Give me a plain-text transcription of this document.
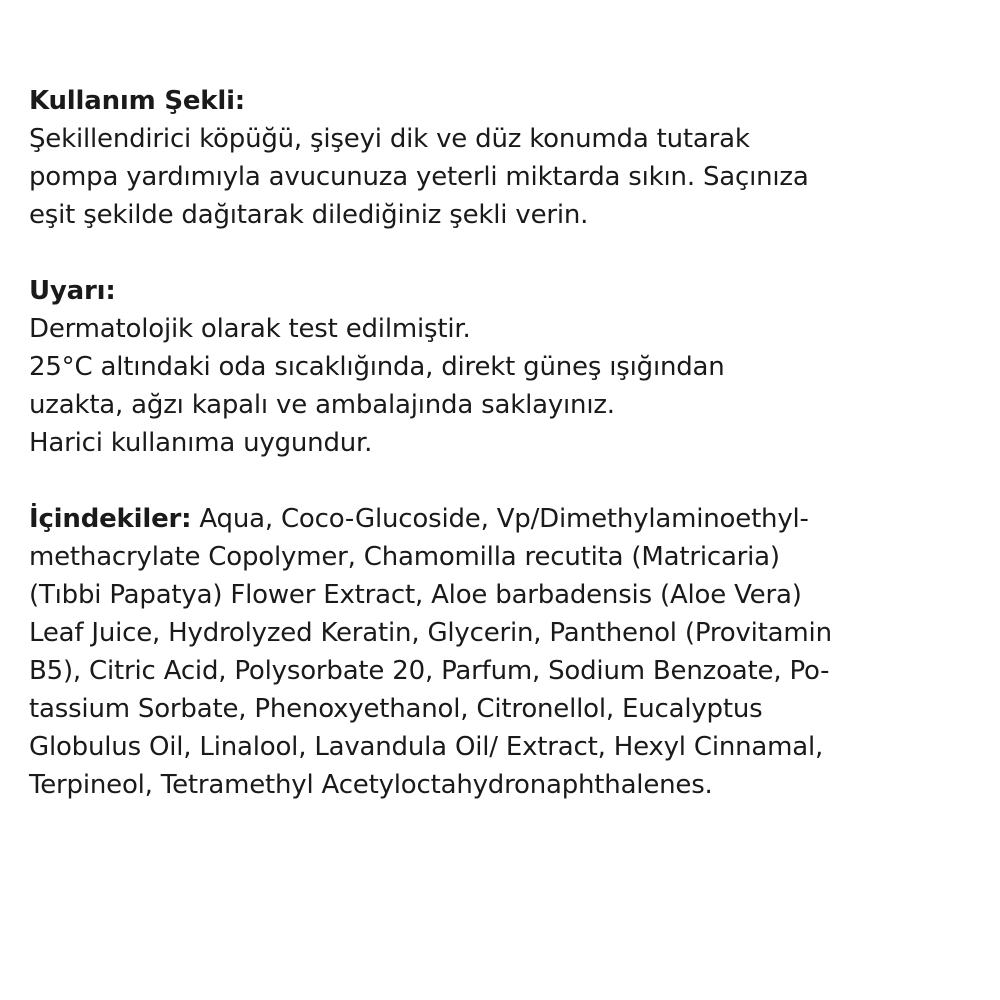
Kullanım Şekli:
Şekillendirici köpüğü, şişeyi dik ve düz konumda tutarak
pompa yardımıyla avucunuza yeterli miktarda sıkın. Saçınıza
eşit şekilde dağıtarak dilediğiniz şekli verin.
Uyarı:
Dermatolojik olarak test edilmiştir.
25°C altındaki oda sıcaklığında, direkt güneş ışığından
uzakta, ağzı kapalı ve ambalajında saklayınız.
Harici kullanıma uygundur.
İçindekiler: Aqua, Coco-Glucoside, Vp/Dimethylaminoethyl-
methacrylate Copolymer, Chamomilla recutita (Matricaria)
(Tıbbi Papatya) Flower Extract, Aloe barbadensis (Aloe Vera)
Leaf Juice, Hydrolyzed Keratin, Glycerin, Panthenol (Provitamin
B5), Citric Acid, Polysorbate 20, Parfum, Sodium Benzoate, Po-
tassium Sorbate, Phenoxyethanol, Citronellol, Eucalyptus
Globulus Oil, Linalool, Lavandula Oil/ Extract, Hexyl Cinnamal,
Terpineol, Tetramethyl Acetyloctahydronaphthalenes.
